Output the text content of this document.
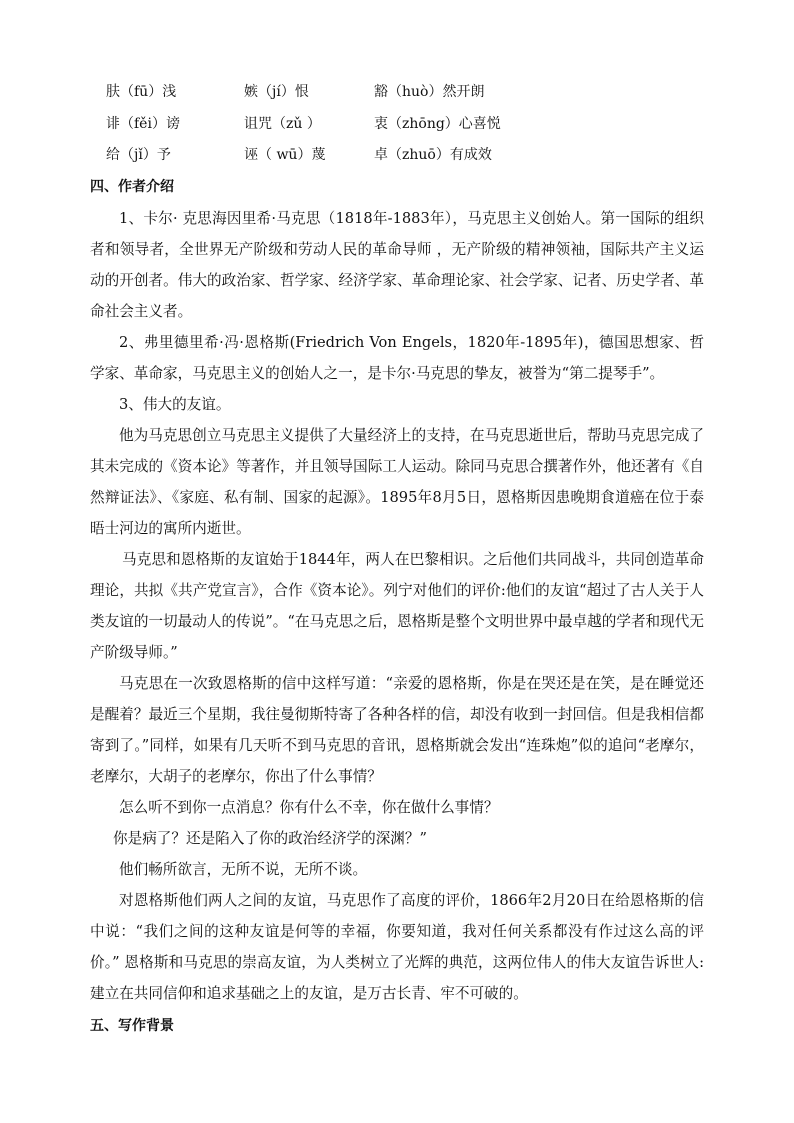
肤（fū）浅	嫉（jí）恨	豁（huò）然开朗
诽（fěi）谤	诅咒（zǔ ）	衷（zhōng）心喜悦
给（jǐ）予	诬（ wū）蔑	卓（zhuō）有成效
四、作者介绍

1、卡尔· 克思海因里希·马克思（1818年-1883年），马克思主义创始人。第一国际的组织者和领导者，全世界无产阶级和劳动人民的革命导师 ，无产阶级的精神领袖，国际共产主义运动的开创者。伟大的政治家、哲学家、经济学家、革命理论家、社会学家、记者、历史学者、革命社会主义者。

2、弗里德里希·冯·恩格斯(Friedrich Von Engels，1820年-1895年)，德国思想家、哲学家、革命家，马克思主义的创始人之一，是卡尔·马克思的挚友，被誉为“第二提琴手”。

3、伟大的友谊。

他为马克思创立马克思主义提供了大量经济上的支持，在马克思逝世后，帮助马克思完成了其未完成的《资本论》等著作，并且领导国际工人运动。除同马克思合撰著作外，他还著有《自然辩证法》、《家庭、私有制、国家的起源》。1895年8月5日，恩格斯因患晚期食道癌在位于泰晤士河边的寓所内逝世。

马克思和恩格斯的友谊始于1844年，两人在巴黎相识。之后他们共同战斗，共同创造革命理论，共拟《共产党宣言》，合作《资本论》。列宁对他们的评价:他们的友谊“超过了古人关于人类友谊的一切最动人的传说”。“在马克思之后，恩格斯是整个文明世界中最卓越的学者和现代无产阶级导师。”

马克思在一次致恩格斯的信中这样写道：“亲爱的恩格斯，你是在哭还是在笑，是在睡觉还是醒着？最近三个星期，我往曼彻斯特寄了各种各样的信，却没有收到一封回信。但是我相信都寄到了。”同样，如果有几天听不到马克思的音讯，恩格斯就会发出“连珠炮”似的追问“老摩尔，老摩尔，大胡子的老摩尔，你出了什么事情？

怎么听不到你一点消息？你有什么不幸，你在做什么事情？

你是病了？还是陷入了你的政治经济学的深渊？”

他们畅所欲言，无所不说，无所不谈。

对恩格斯他们两人之间的友谊，马克思作了高度的评价，1866年2月20日在给恩格斯的信中说：“我们之间的这种友谊是何等的幸福，你要知道，我对任何关系都没有作过这么高的评价。” 恩格斯和马克思的崇高友谊，为人类树立了光辉的典范，这两位伟人的伟大友谊告诉世人:建立在共同信仰和追求基础之上的友谊，是万古长青、牢不可破的。

五、写作背景
